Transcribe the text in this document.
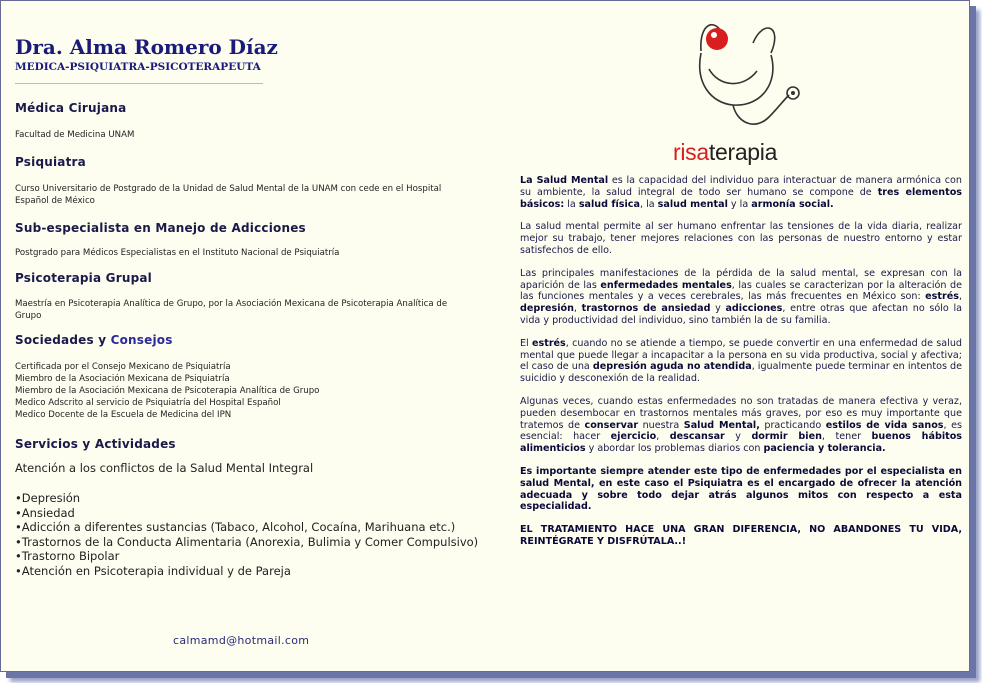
Dra. Alma Romero Díaz
MEDICA-PSIQUIATRA-PSICOTERAPEUTA
Médica Cirujana

Facultad de Medicina UNAM

Psiquiatra

Curso Universitario de Postgrado de la Unidad de Salud Mental de la UNAM con cede en el Hospital Español de México

Sub-especialista en Manejo de Adicciones

Postgrado para Médicos Especialistas en el Instituto Nacional de Psiquiatría

Psicoterapia Grupal

Maestría en Psicoterapia Analítica de Grupo, por la Asociación Mexicana de Psicoterapia Analítica de Grupo

Sociedades y Consejos

Certificada por el Consejo Mexicano de Psiquiatría

Miembro de la Asociación Mexicana de Psiquiatría

Miembro de la Asociación Mexicana de Psicoterapia Analítica de Grupo

Medico Adscrito al servicio de Psiquiatría del Hospital Español

Medico Docente de la Escuela de Medicina del IPN

Servicios y Actividades
Atención a los conflictos de la Salud Mental Integral
• Depresión
• Ansiedad
• Adicción a diferentes sustancias (Tabaco, Alcohol, Cocaína, Marihuana etc.)
• Trastornos de la Conducta Alimentaria (Anorexia, Bulimia y Comer Compulsivo)
• Trastorno Bipolar
• Atención en Psicoterapia individual y de Pareja
calmamd@hotmail.com
risaterapia

La Salud Mental es la capacidad del individuo para interactuar de manera armónica con su ambiente, la salud integral de todo ser humano se compone de tres elementos básicos: la salud física, la salud mental y la armonía social.

La salud mental permite al ser humano enfrentar las tensiones de la vida diaria, realizar mejor su trabajo, tener mejores relaciones con las personas de nuestro entorno y estar satisfechos de ello.

Las principales manifestaciones de la pérdida de la salud mental, se expresan con la aparición de las enfermedades mentales, las cuales se caracterizan por la alteración de las funciones mentales y a veces cerebrales, las más frecuentes en México son: estrés, depresión, trastornos de ansiedad y adicciones, entre otras que afectan no sólo la vida y productividad del individuo, sino también la de su familia.

El estrés, cuando no se atiende a tiempo, se puede convertir en una enfermedad de salud mental que puede llegar a incapacitar a la persona en su vida productiva, social y afectiva; el caso de una depresión aguda no atendida, igualmente puede terminar en intentos de suicidio y desconexión de la realidad.

Algunas veces, cuando estas enfermedades no son tratadas de manera efectiva y veraz, pueden desembocar en trastornos mentales más graves, por eso es muy importante que tratemos de conservar nuestra Salud Mental, practicando estilos de vida sanos, es esencial: hacer ejercicio, descansar y dormir bien, tener buenos hábitos alimenticios y abordar los problemas diarios con paciencia y tolerancia.

Es importante siempre atender este tipo de enfermedades por el especialista en salud Mental, en este caso el Psiquiatra es el encargado de ofrecer la atención adecuada y sobre todo dejar atrás algunos mitos con respecto a esta especialidad.

EL TRATAMIENTO HACE UNA GRAN DIFERENCIA, NO ABANDONES TU VIDA, REINTÉGRATE Y DISFRÚTALA..!
